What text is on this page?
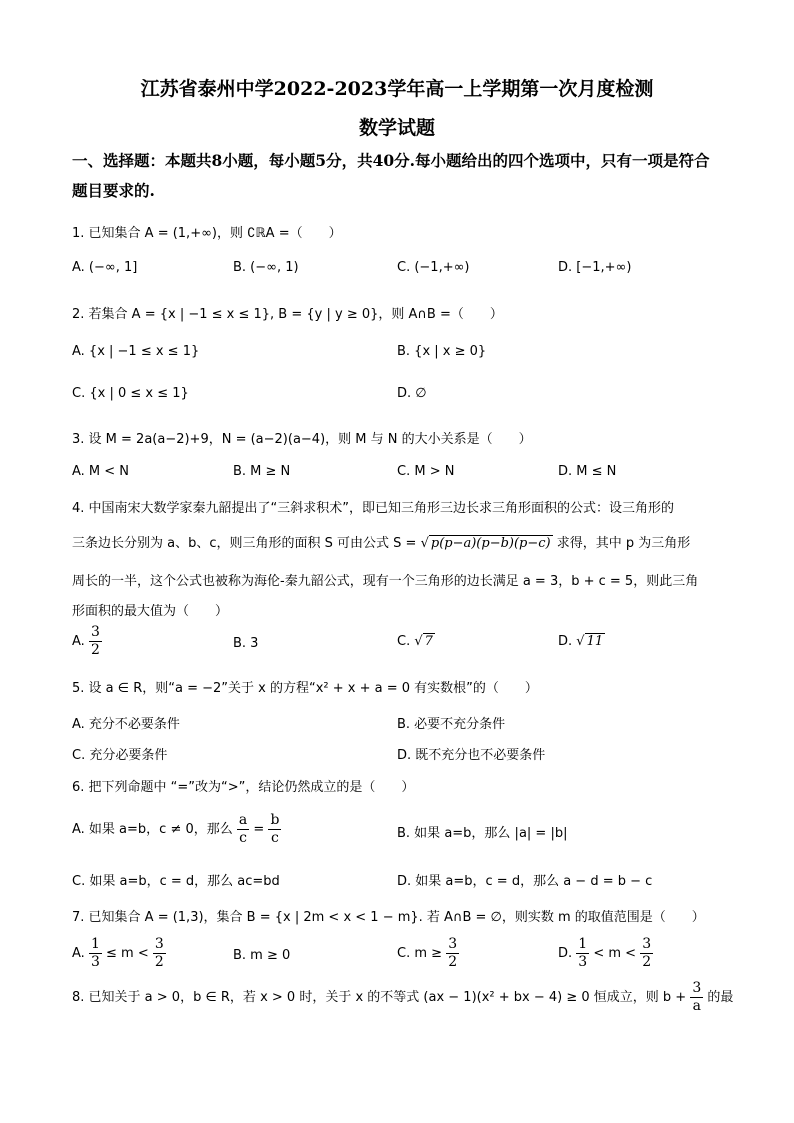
江苏省泰州中学2022-2023学年高一上学期第一次月度检测
数学试题
一、选择题：本题共8小题，每小题5分，共40分.每小题给出的四个选项中，只有一项是符合题目要求的.
1. 已知集合 A = (1,+∞)，则 ∁ℝA =（　　）
A. (−∞, 1]	B. (−∞, 1)	C. (−1,+∞)	D. [−1,+∞)
2. 若集合 A = {x | −1 ≤ x ≤ 1}, B = {y | y ≥ 0}，则 A∩B =（　　）
A. {x | −1 ≤ x ≤ 1}	B. {x | x ≥ 0}
C. {x | 0 ≤ x ≤ 1}	D. ∅
3. 设 M = 2a(a−2)+9，N = (a−2)(a−4)，则 M 与 N 的大小关系是（　　）
A. M < N	B. M ≥ N	C. M > N	D. M ≤ N
4. 中国南宋大数学家秦九韶提出了“三斜求积术”，即已知三角形三边长求三角形面积的公式：设三角形的
三条边长分别为 a、b、c，则三角形的面积 S 可由公式 S = √ p(p−a)(p−b)(p−c) 求得，其中 p 为三角形
周长的一半，这个公式也被称为海伦-秦九韶公式，现有一个三角形的边长满足 a = 3，b + c = 5，则此三角
形面积的最大值为（　　）
A. $\frac{3}{2}$	B. 3	C. √ 7	D. √ 11
5. 设 a ∈ R，则“a = −2”关于 x 的方程“x² + x + a = 0 有实数根”的（　　）
A. 充分不必要条件	B. 必要不充分条件
C. 充分必要条件	D. 既不充分也不必要条件
6. 把下列命题中 “=”改为“>”，结论仍然成立的是（　　）
A. 如果 a=b，c ≠ 0，那么 $\frac{a}{c} = \frac{b}{c}$	B. 如果 a=b，那么 |a| = |b|
C. 如果 a=b，c = d，那么 ac=bd	D. 如果 a=b，c = d，那么 a − d = b − c
7. 已知集合 A = (1,3)，集合 B = {x | 2m < x < 1 − m}. 若 A∩B = ∅，则实数 m 的取值范围是（　　）
A. $\frac{1}{3} \le m < \frac{3}{2}$	B. m ≥ 0	C. $m \ge \frac{3}{2}$	D. $\frac{1}{3} < m < \frac{3}{2}$
8. 已知关于 a > 0，b ∈ R，若 x > 0 时，关于 x 的不等式 (ax − 1)(x² + bx − 4) ≥ 0 恒成立，则 $b + \frac{3}{a}$ 的最
